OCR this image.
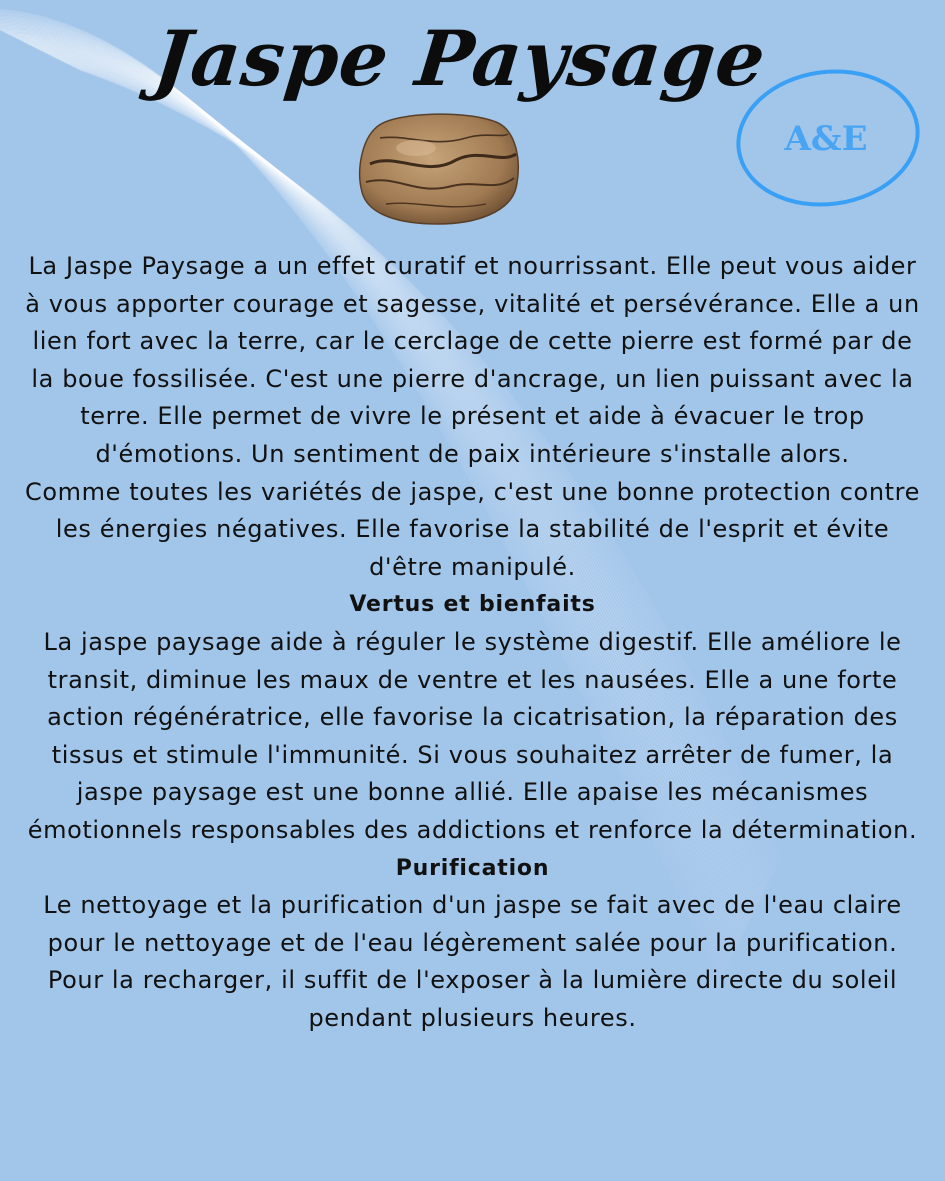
Jaspe Paysage
A&E

La Jaspe Paysage a un effet curatif et nourrissant. Elle peut vous aider à vous apporter courage et sagesse, vitalité et persévérance. Elle a un lien fort avec la terre, car le cerclage de cette pierre est formé par de la boue fossilisée. C'est une pierre d'ancrage, un lien puissant avec la terre. Elle permet de vivre le présent et aide à évacuer le trop d'émotions. Un sentiment de paix intérieure s'installe alors.

Comme toutes les variétés de jaspe, c'est une bonne protection contre les énergies négatives. Elle favorise la stabilité de l'esprit et évite d'être manipulé.

Vertus et bienfaits

La jaspe paysage aide à réguler le système digestif. Elle améliore le transit, diminue les maux de ventre et les nausées. Elle a une forte action régénératrice, elle favorise la cicatrisation, la réparation des tissus et stimule l'immunité. Si vous souhaitez arrêter de fumer, la jaspe paysage est une bonne allié. Elle apaise les mécanismes émotionnels responsables des addictions et renforce la détermination.

Purification

Le nettoyage et la purification d'un jaspe se fait avec de l'eau claire pour le nettoyage et de l'eau légèrement salée pour la purification. Pour la recharger, il suffit de l'exposer à la lumière directe du soleil pendant plusieurs heures.
